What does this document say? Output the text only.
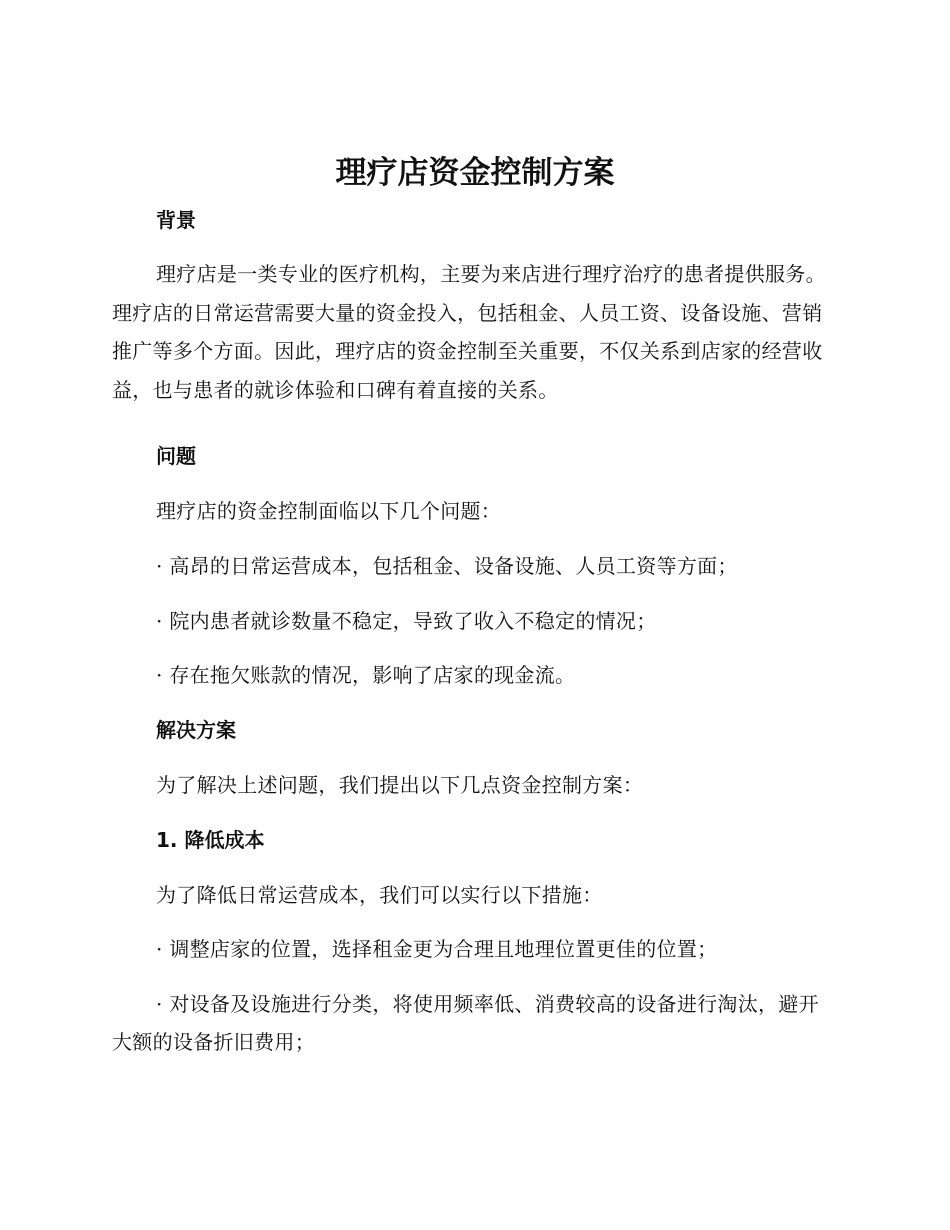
理疗店资金控制方案
背景

理疗店是一类专业的医疗机构，主要为来店进行理疗治疗的患者提供服务。理疗店的日常运营需要大量的资金投入，包括租金、人员工资、设备设施、营销推广等多个方面。因此，理疗店的资金控制至关重要，不仅关系到店家的经营收益，也与患者的就诊体验和口碑有着直接的关系。

问题

理疗店的资金控制面临以下几个问题：

· 高昂的日常运营成本，包括租金、设备设施、人员工资等方面；

· 院内患者就诊数量不稳定，导致了收入不稳定的情况；

· 存在拖欠账款的情况，影响了店家的现金流。

解决方案

为了解决上述问题，我们提出以下几点资金控制方案：

1. 降低成本

为了降低日常运营成本，我们可以实行以下措施：

· 调整店家的位置，选择租金更为合理且地理位置更佳的位置；

· 对设备及设施进行分类，将使用频率低、消费较高的设备进行淘汰，避开大额的设备折旧费用；
